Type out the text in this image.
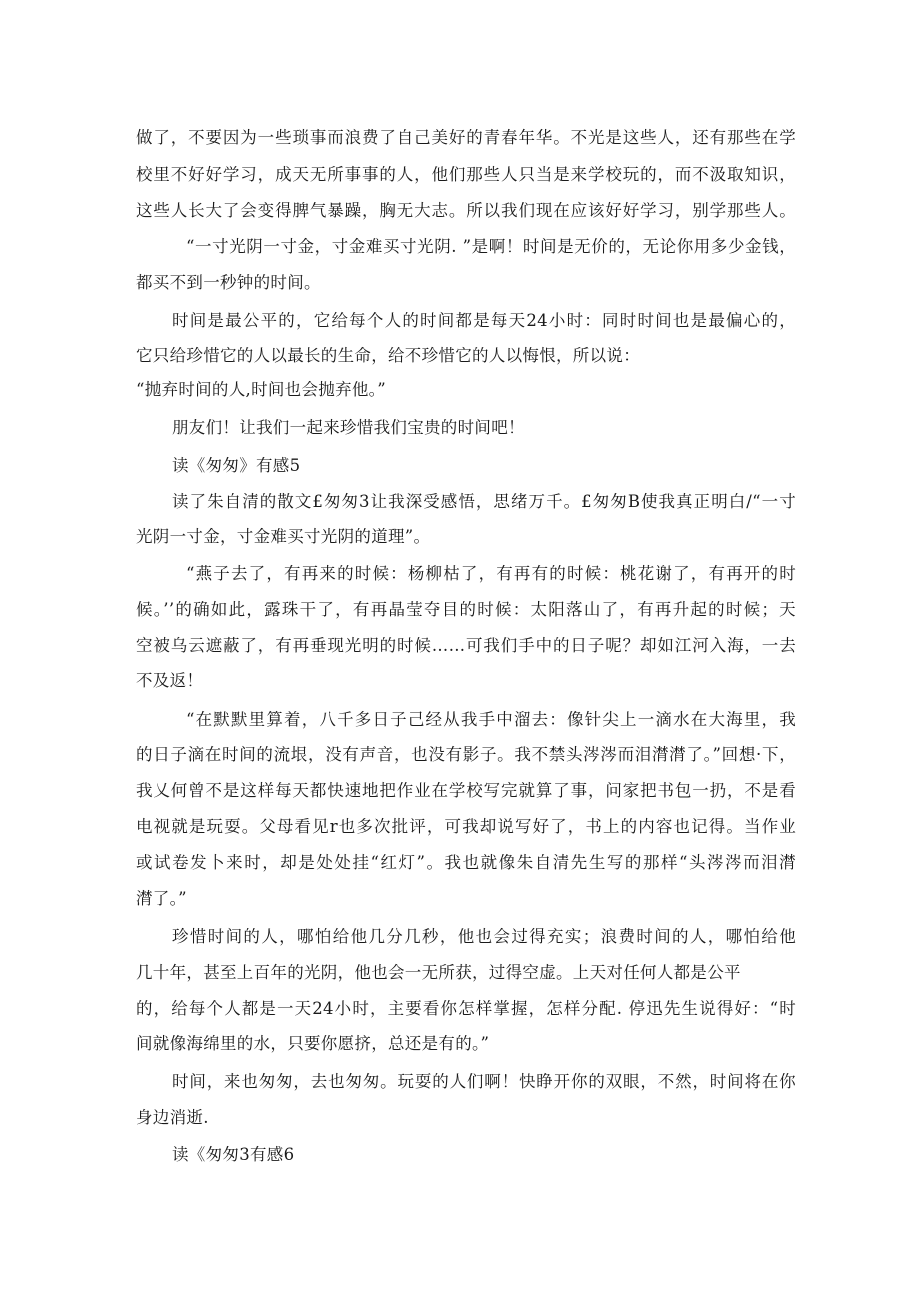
做了，不要因为一些琐事而浪费了自己美好的青春年华。不光是这些人，还有那些在学
校里不好好学习，成天无所事事的人，他们那些人只当是来学校玩的，而不汲取知识，
这些人长大了会变得脾气暴躁，胸无大志。所以我们现在应该好好学习，别学那些人。
“一寸光阴一寸金，寸金难买寸光阴. ”是啊！时间是无价的，无论你用多少金钱，
都买不到一秒钟的时间。
时间是最公平的，它给每个人的时间都是每天24小时：同时时间也是最偏心的，
它只给珍惜它的人以最长的生命，给不珍惜它的人以悔恨，所以说：
“抛弃时间的人,时间也会抛弃他。”
朋友们！让我们一起来珍惜我们宝贵的时间吧！
读《匆匆》有感5
读了朱自清的散文£匆匆3让我深受感悟，思绪万千。£匆匆B使我真正明白/“一寸
光阴一寸金，寸金难买寸光阴的道理”。
“燕子去了，有再来的时候：杨柳枯了，有再有的时候：桃花谢了，有再开的时
候。’’的确如此，露珠干了，有再晶莹夺目的时候：太阳落山了，有再升起的时候；天
空被乌云遮蔽了，有再垂现光明的时候……可我们手中的日子呢？却如江河入海，一去
不及返！
“在默默里算着，八千多日子己经从我手中溜去：像针尖上一滴水在大海里，我
的日子滴在时间的流垠，没有声音，也没有影子。我不禁头涔涔而泪潸潸了。”回想·下，
我乂何曾不是这样每天都快速地把作业在学校写完就算了事，问家把书包一扔，不是看
电视就是玩耍。父母看见r也多次批评，可我却说写好了，书上的内容也记得。当作业
或试卷发卜来时，却是处处挂“红灯”。我也就像朱自清先生写的那样“头涔涔而泪潸
潸了。”
珍惜时间的人，哪怕给他几分几秒，他也会过得充实；浪费时间的人，哪怕给他
几十年，甚至上百年的光阴，他也会一无所获，过得空虚。上天对任何人都是公平
的，给每个人都是一天24小时，主要看你怎样掌握，怎样分配. 停迅先生说得好：“时
间就像海绵里的水，只要你愿挤，总还是有的。”
时间，来也匆匆，去也匆匆。玩耍的人们啊！快睁开你的双眼，不然，时间将在你
身边消逝.
读《匆匆3有感6
